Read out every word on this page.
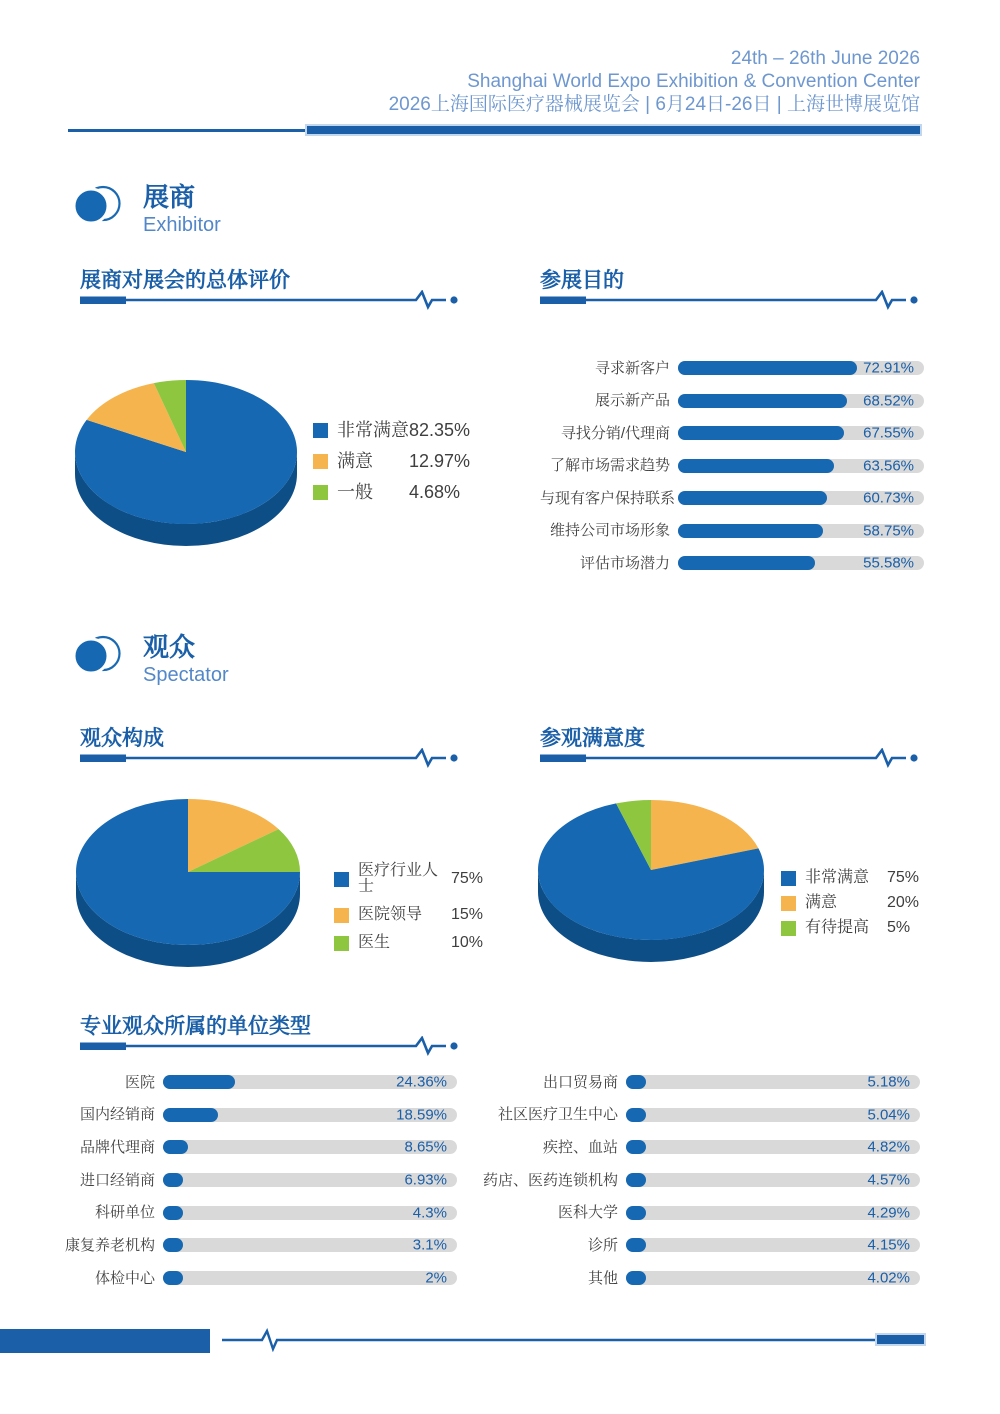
24th – 26th June 2026
Shanghai World Expo Exhibition & Convention Center
2026上海国际医疗器械展览会 | 6月24日-26日 | 上海世博展览馆
展商
Exhibitor
展商对展会的总体评价	参展目的
非常满意 82.35%
满意	12.97%
一般	4.68%
寻求新客户	72.91%
展示新产品	68.52%
寻找分销/代理商	67.55%
了解市场需求趋势	63.56%
与现有客户保持联系	60.73%
维持公司市场形象	58.75%
评估市场潜力	55.58%
观众
Spectator
观众构成	参观满意度
医疗行业人士	75%
医院领导	15%
医生	10%
非常满意	75%
满意	20%
有待提高	5%
专业观众所属的单位类型
医院	24.36%
国内经销商	18.59%
品牌代理商	8.65%
进口经销商	6.93%
科研单位	4.3%
康复养老机构	3.1%
体检中心	2%
出口贸易商	5.18%
社区医疗卫生中心	5.04%
疾控、血站	4.82%
药店、医药连锁机构	4.57%
医科大学	4.29%
诊所	4.15%
其他	4.02%
